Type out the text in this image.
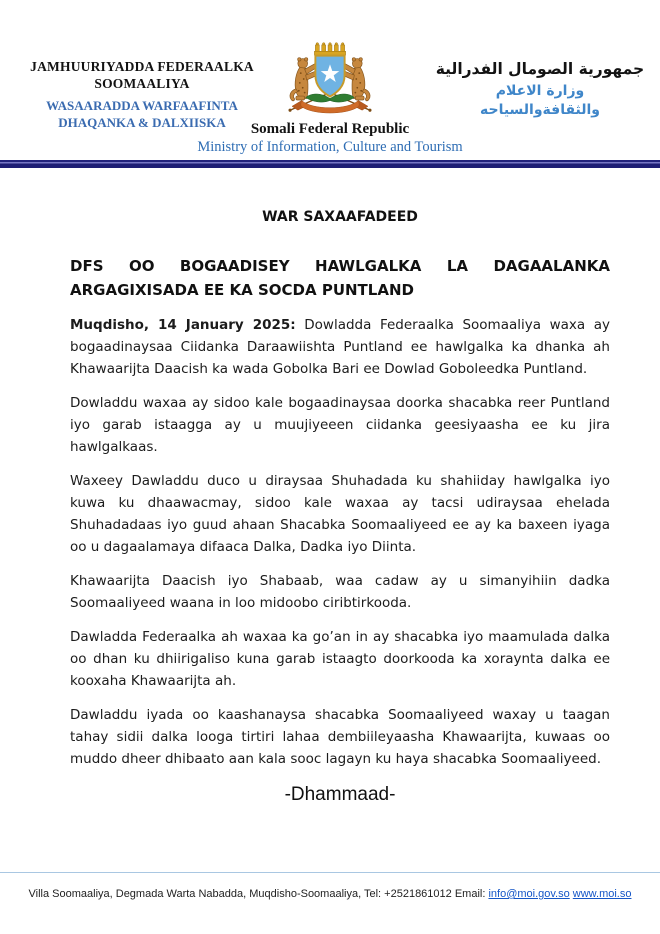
JAMHUURIYADDA FEDERAALKA
SOOMAALIYA
WASAARADDA WARFAAFINTA
DHAQANKA & DALXIISKA	Somali Federal Republic
Ministry of Information, Culture and Tourism
جمهورية الصومال الفدرالية
وزارة الاعلام
والثقافةوالسياحه
WAR SAXAAFADEED
DFS OO BOGAADISEY HAWLGALKA LA DAGAALANKA
ARGAGIXISADA EE KA SOCDA PUNTLAND

Muqdisho, 14 January 2025: Dowladda Federaalka Soomaaliya waxa ay bogaadinaysaa Ciidanka Daraawiishta Puntland ee hawlgalka ka dhanka ah Khawaarijta Daacish ka wada Gobolka Bari ee Dowlad Goboleedka Puntland.

Dowladdu waxaa ay sidoo kale bogaadinaysaa doorka shacabka reer Puntland iyo garab istaagga ay u muujiyeeen ciidanka geesiyaasha ee ku jira hawlgalkaas.

Waxeey Dawladdu duco u diraysaa Shuhadada ku shahiiday hawlgalka iyo kuwa ku dhaawacmay, sidoo kale waxaa ay tacsi udiraysaa ehelada Shuhadadaas iyo guud ahaan Shacabka Soomaaliyeed ee ay ka baxeen iyaga oo u dagaalamaya difaaca Dalka, Dadka iyo Diinta.

Khawaarijta Daacish iyo Shabaab, waa cadaw ay u simanyihiin dadka Soomaaliyeed waana in loo midoobo ciribtirkooda.

Dawladda Federaalka ah waxaa ka go’an in ay shacabka iyo maamulada dalka oo dhan ku dhiirigaliso kuna garab istaagto doorkooda ka xoraynta dalka ee kooxaha Khawaarijta ah.

Dawladdu iyada oo kaashanaysa shacabka Soomaaliyeed waxay u taagan tahay sidii dalka looga tirtiri lahaa dembiileyaasha Khawaarijta, kuwaas oo muddo dheer dhibaato aan kala sooc lagayn ku haya shacabka Soomaaliyeed.

-Dhammaad-
Villa Soomaaliya, Degmada Warta Nabadda, Muqdisho-Soomaaliya, Tel: +2521861012 Email: info@moi.gov.so www.moi.so
